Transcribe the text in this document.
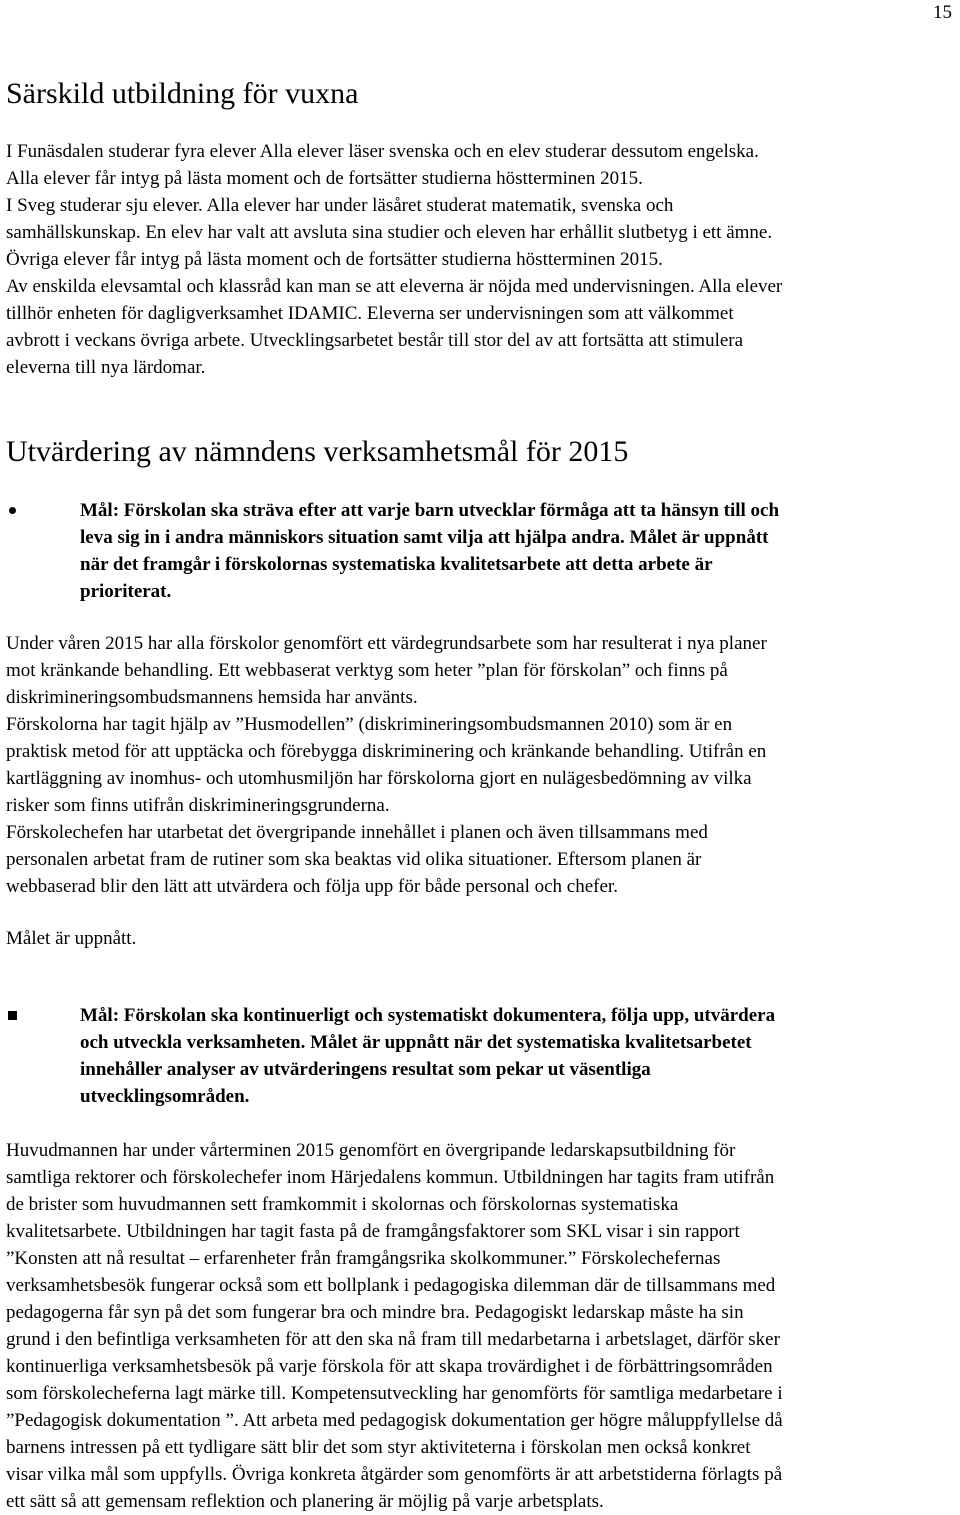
15
Särskild utbildning för vuxna
I Funäsdalen studerar fyra elever Alla elever läser svenska och en elev studerar dessutom engelska.
Alla elever får intyg på lästa moment och de fortsätter studierna höstterminen 2015.
I Sveg studerar sju elever. Alla elever har under läsåret studerat matematik, svenska och
samhällskunskap. En elev har valt att avsluta sina studier och eleven har erhållit slutbetyg i ett ämne.
Övriga elever får intyg på lästa moment och de fortsätter studierna höstterminen 2015.
Av enskilda elevsamtal och klassråd kan man se att eleverna är nöjda med undervisningen. Alla elever
tillhör enheten för dagligverksamhet IDAMIC. Eleverna ser undervisningen som att välkommet
avbrott i veckans övriga arbete. Utvecklingsarbetet består till stor del av att fortsätta att stimulera
eleverna till nya lärdomar.
Utvärdering av nämndens verksamhetsmål för 2015
Mål: Förskolan ska sträva efter att varje barn utvecklar förmåga att ta hänsyn till och
leva sig in i andra människors situation samt vilja att hjälpa andra. Målet är uppnått
när det framgår i förskolornas systematiska kvalitetsarbete att detta arbete är
prioriterat.
Under våren 2015 har alla förskolor genomfört ett värdegrundsarbete som har resulterat i nya planer
mot kränkande behandling. Ett webbaserat verktyg som heter ”plan för förskolan” och finns på
diskrimineringsombudsmannens hemsida har använts.
Förskolorna har tagit hjälp av ”Husmodellen” (diskrimineringsombudsmannen 2010) som är en
praktisk metod för att upptäcka och förebygga diskriminering och kränkande behandling. Utifrån en
kartläggning av inomhus- och utomhusmiljön har förskolorna gjort en nulägesbedömning av vilka
risker som finns utifrån diskrimineringsgrunderna.
Förskolechefen har utarbetat det övergripande innehållet i planen och även tillsammans med
personalen arbetat fram de rutiner som ska beaktas vid olika situationer. Eftersom planen är
webbaserad blir den lätt att utvärdera och följa upp för både personal och chefer.
Målet är uppnått.
Mål: Förskolan ska kontinuerligt och systematiskt dokumentera, följa upp, utvärdera
och utveckla verksamheten. Målet är uppnått när det systematiska kvalitetsarbetet
innehåller analyser av utvärderingens resultat som pekar ut väsentliga
utvecklingsområden.
Huvudmannen har under vårterminen 2015 genomfört en övergripande ledarskapsutbildning för
samtliga rektorer och förskolechefer inom Härjedalens kommun. Utbildningen har tagits fram utifrån
de brister som huvudmannen sett framkommit i skolornas och förskolornas systematiska
kvalitetsarbete. Utbildningen har tagit fasta på de framgångsfaktorer som SKL visar i sin rapport
”Konsten att nå resultat – erfarenheter från framgångsrika skolkommuner.” Förskolechefernas
verksamhetsbesök fungerar också som ett bollplank i pedagogiska dilemman där de tillsammans med
pedagogerna får syn på det som fungerar bra och mindre bra. Pedagogiskt ledarskap måste ha sin
grund i den befintliga verksamheten för att den ska nå fram till medarbetarna i arbetslaget, därför sker
kontinuerliga verksamhetsbesök på varje förskola för att skapa trovärdighet i de förbättringsområden
som förskolecheferna lagt märke till. Kompetensutveckling har genomförts för samtliga medarbetare i
”Pedagogisk dokumentation ”. Att arbeta med pedagogisk dokumentation ger högre måluppfyllelse då
barnens intressen på ett tydligare sätt blir det som styr aktiviteterna i förskolan men också konkret
visar vilka mål som uppfylls. Övriga konkreta åtgärder som genomförts är att arbetstiderna förlagts på
ett sätt så att gemensam reflektion och planering är möjlig på varje arbetsplats.
